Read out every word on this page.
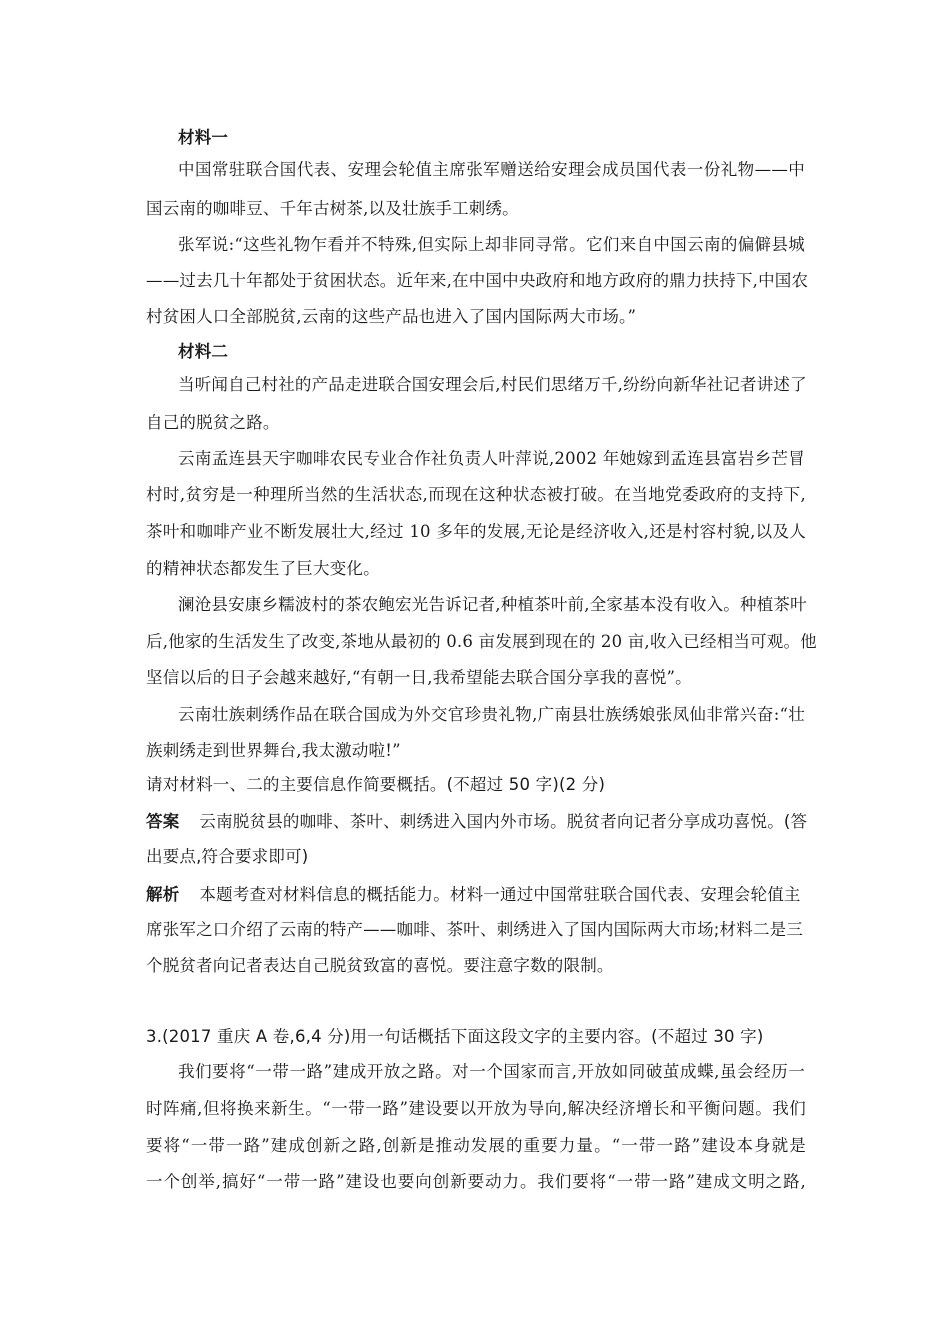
材料一
中国常驻联合国代表、安理会轮值主席张军赠送给安理会成员国代表一份礼物——中
国云南的咖啡豆、千年古树茶,以及壮族手工刺绣。
张军说:“这些礼物乍看并不特殊,但实际上却非同寻常。它们来自中国云南的偏僻县城
——过去几十年都处于贫困状态。近年来,在中国中央政府和地方政府的鼎力扶持下,中国农
村贫困人口全部脱贫,云南的这些产品也进入了国内国际两大市场。”
材料二
当听闻自己村社的产品走进联合国安理会后,村民们思绪万千,纷纷向新华社记者讲述了
自己的脱贫之路。
云南孟连县天宇咖啡农民专业合作社负责人叶萍说,2002 年她嫁到孟连县富岩乡芒冒
村时,贫穷是一种理所当然的生活状态,而现在这种状态被打破。在当地党委政府的支持下,
茶叶和咖啡产业不断发展壮大,经过 10 多年的发展,无论是经济收入,还是村容村貌,以及人
的精神状态都发生了巨大变化。
澜沧县安康乡糯波村的茶农鲍宏光告诉记者,种植茶叶前,全家基本没有收入。种植茶叶
后,他家的生活发生了改变,茶地从最初的 0.6 亩发展到现在的 20 亩,收入已经相当可观。他
坚信以后的日子会越来越好,“有朝一日,我希望能去联合国分享我的喜悦”。
云南壮族刺绣作品在联合国成为外交官珍贵礼物,广南县壮族绣娘张凤仙非常兴奋:“壮
族刺绣走到世界舞台,我太激动啦!”
请对材料一、二的主要信息作简要概括。(不超过 50 字)(2 分)
答案 云南脱贫县的咖啡、茶叶、刺绣进入国内外市场。脱贫者向记者分享成功喜悦。(答
出要点,符合要求即可)
解析 本题考查对材料信息的概括能力。材料一通过中国常驻联合国代表、安理会轮值主
席张军之口介绍了云南的特产——咖啡、茶叶、刺绣进入了国内国际两大市场;材料二是三
个脱贫者向记者表达自己脱贫致富的喜悦。要注意字数的限制。
3.(2017 重庆 A 卷,6,4 分)用一句话概括下面这段文字的主要内容。(不超过 30 字)
我们要将“一带一路”建成开放之路。对一个国家而言,开放如同破茧成蝶,虽会经历一
时阵痛,但将换来新生。“一带一路”建设要以开放为导向,解决经济增长和平衡问题。我们
要将“一带一路”建成创新之路,创新是推动发展的重要力量。“一带一路”建设本身就是
一个创举,搞好“一带一路”建设也要向创新要动力。我们要将“一带一路”建成文明之路,
